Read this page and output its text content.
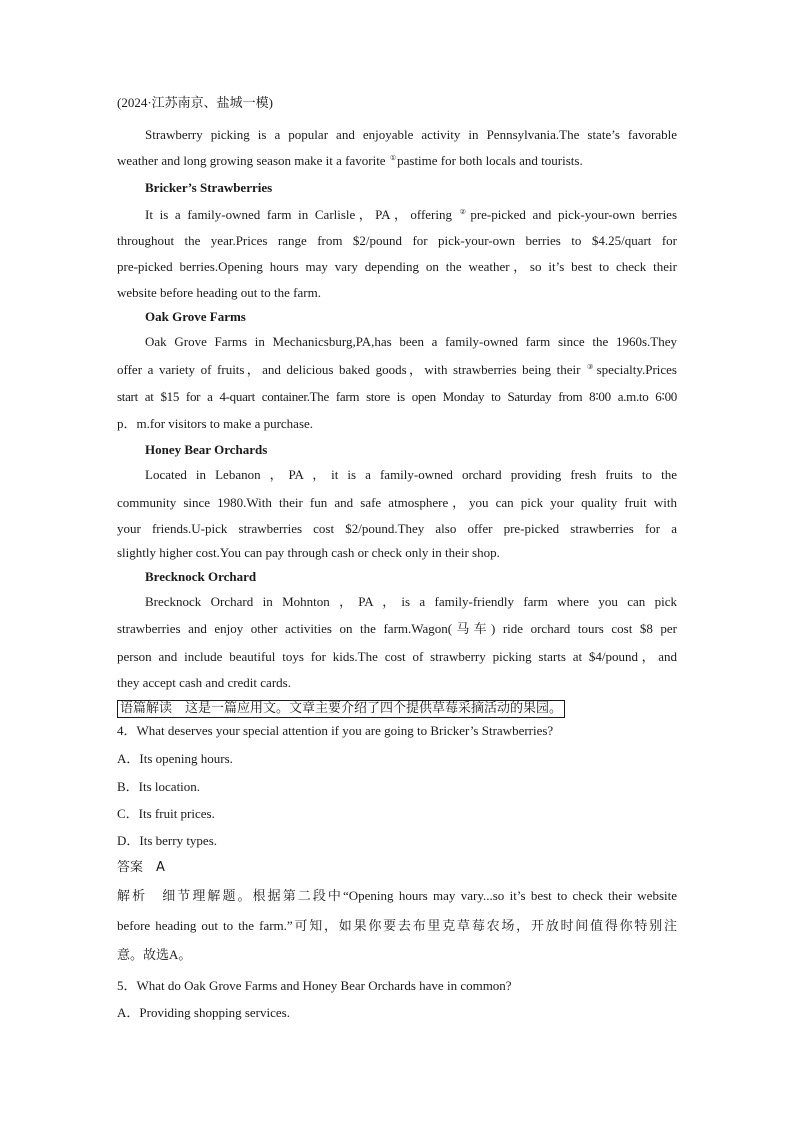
(2024·江苏南京、盐城一模)
Strawberry picking is a popular and enjoyable activity in Pennsylvania.The state’s favorable
weather and long growing season make it a favorite ①pastime for both locals and tourists.
Bricker’s Strawberries
It is a family-owned farm in Carlisle，PA，offering ②pre-picked and pick-your-own berries
throughout the year.Prices range from $2/pound for pick-your-own berries to $4.25/quart for
pre-picked berries.Opening hours may vary depending on the weather，so it’s best to check their
website before heading out to the farm.
Oak Grove Farms
Oak Grove Farms in Mechanicsburg,PA,has been a family-owned farm since the 1960s.They
offer a variety of fruits，and delicious baked goods，with strawberries being their ③specialty.Prices
start at $15 for a 4-quart container.The farm store is open Monday to Saturday from 8∶00 a.m.to 6∶00
p．m.for visitors to make a purchase.
Honey Bear Orchards
Located in Lebanon ，PA ，it is a family-owned orchard providing fresh fruits to the
community since 1980.With their fun and safe atmosphere，you can pick your quality fruit with
your friends.U-pick strawberries cost $2/pound.They also offer pre-picked strawberries for a
slightly higher cost.You can pay through cash or check only in their shop.
Brecknock Orchard
Brecknock Orchard in Mohnton ，PA ，is a family-friendly farm where you can pick
strawberries and enjoy other activities on the farm.Wagon(马车) ride orchard tours cost $8 per
person and include beautiful toys for kids.The cost of strawberry picking starts at $4/pound，and
they accept cash and credit cards.
语篇解读　这是一篇应用文。文章主要介绍了四个提供草莓采摘活动的果园。
4．What deserves your special attention if you are going to Bricker’s Strawberries?
A．Its opening hours.
B．Its location.
C．Its fruit prices.
D．Its berry types.
答案　A
解析　细节理解题。根据第二段中“Opening hours may vary...so it’s best to check their website
before heading out to the farm.”可知，如果你要去布里克草莓农场，开放时间值得你特别注
意。故选A。
5．What do Oak Grove Farms and Honey Bear Orchards have in common?
A．Providing shopping services.
